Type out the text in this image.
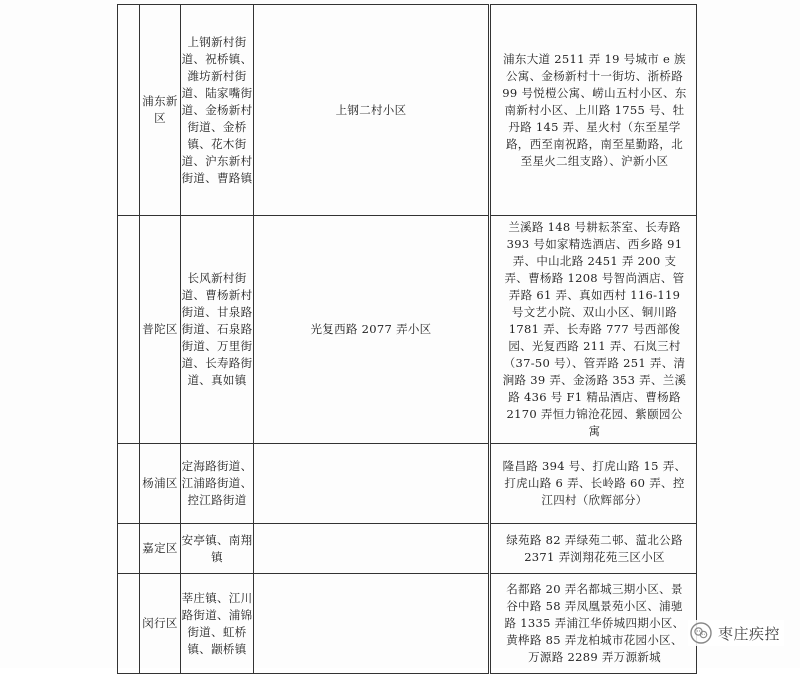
	浦东新区	上钢新村街道、祝桥镇、潍坊新村街道、陆家嘴街道、金杨新村街道、金桥镇、花木街道、沪东新村街道、曹路镇	上钢二村小区	浦东大道 2511 弄 19 号城市 e 族公寓、金杨新村十一街坊、浙桥路 99 号悦榿公寓、崂山五村小区、东南新村小区、上川路 1755 号、牡丹路 145 弄、星火村（东至星学路，西至南祝路，南至星勤路，北至星火二组支路）、沪新小区

	普陀区	长风新村街道、曹杨新村街道、甘泉路街道、石泉路街道、万里街道、长寿路街道、真如镇	光复西路 2077 弄小区	兰溪路 148 号耕耘茶室、长寿路 393 号如家精选酒店、西乡路 91 弄、中山北路 2451 弄 200 支弄、曹杨路 1208 号智尚酒店、管弄路 61 弄、真如西村 116-119 号文艺小院、双山小区、铜川路 1781 弄、长寿路 777 号西部俊园、光复西路 211 弄、石岚三村（37-50 号）、管弄路 251 弄、清涧路 39 弄、金汤路 353 弄、兰溪路 436 号 F1 精品酒店、曹杨路 2170 弄恒力锦沧花园、紫颐园公寓

	杨浦区	定海路街道、江浦路街道、控江路街道		隆昌路 394 号、打虎山路 15 弄、打虎山路 6 弄、长岭路 60 弄、控江四村（欣辉部分）

	嘉定区	安亭镇、南翔镇		绿苑路 82 弄绿苑二邨、蕰北公路 2371 弄浏翔花苑三区小区

	闵行区	莘庄镇、江川路街道、浦锦街道、虹桥镇、颛桥镇		名都路 20 弄名都城三期小区、景谷中路 58 弄凤凰景苑小区、浦驰路 1335 弄浦江华侨城四期小区、黄桦路 85 弄龙柏城市花园小区、万源路 2289 弄万源新城
枣庄疾控
